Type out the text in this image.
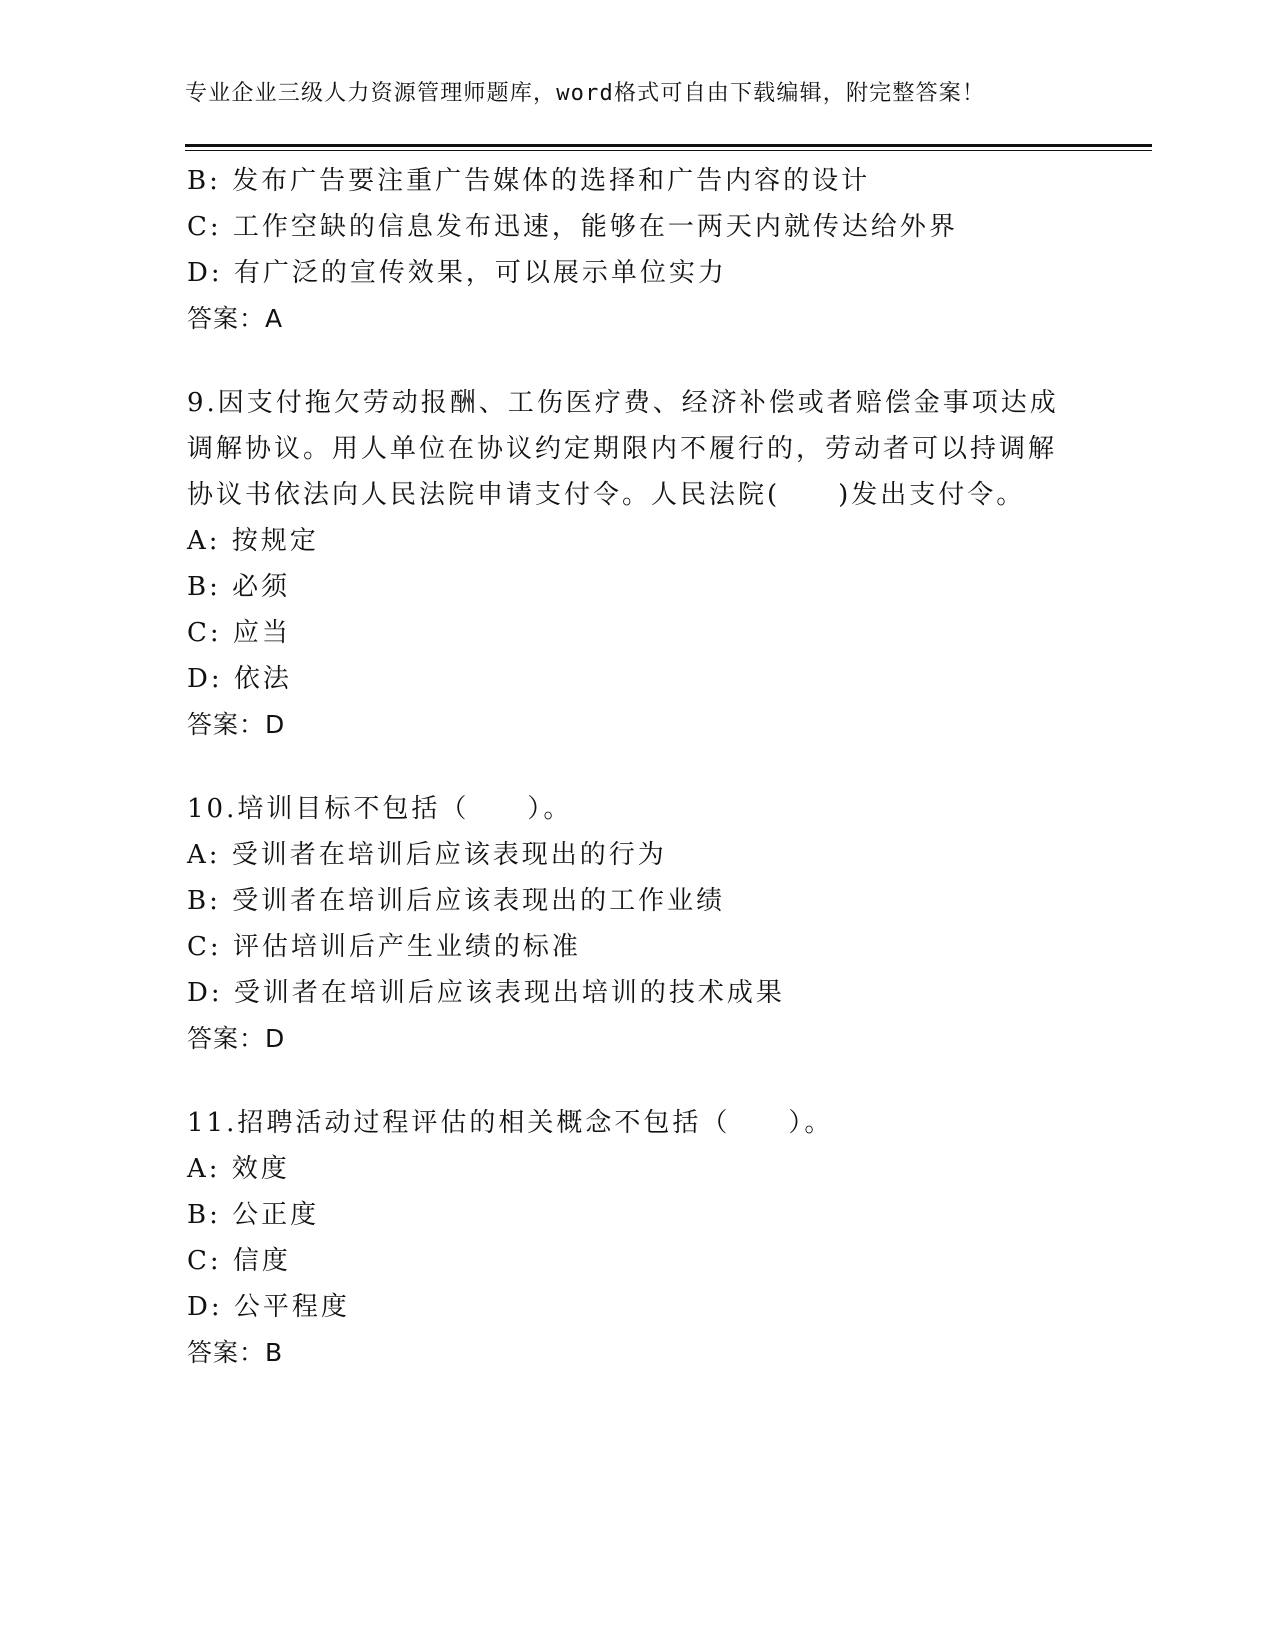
专业企业三级人力资源管理师题库，word格式可自由下载编辑，附完整答案！
B: 发布广告要注重广告媒体的选择和广告内容的设计
C: 工作空缺的信息发布迅速，能够在一两天内就传达给外界
D: 有广泛的宣传效果，可以展示单位实力
答案：A
9.因支付拖欠劳动报酬、工伤医疗费、经济补偿或者赔偿金事项达成
调解协议。用人单位在协议约定期限内不履行的，劳动者可以持调解
协议书依法向人民法院申请支付令。人民法院(　　)发出支付令。
A: 按规定
B: 必须
C: 应当
D: 依法
答案：D
10.培训目标不包括（　　）。
A: 受训者在培训后应该表现出的行为
B: 受训者在培训后应该表现出的工作业绩
C: 评估培训后产生业绩的标准
D: 受训者在培训后应该表现出培训的技术成果
答案：D
11.招聘活动过程评估的相关概念不包括（　　）。
A: 效度
B: 公正度
C: 信度
D: 公平程度
答案：B
